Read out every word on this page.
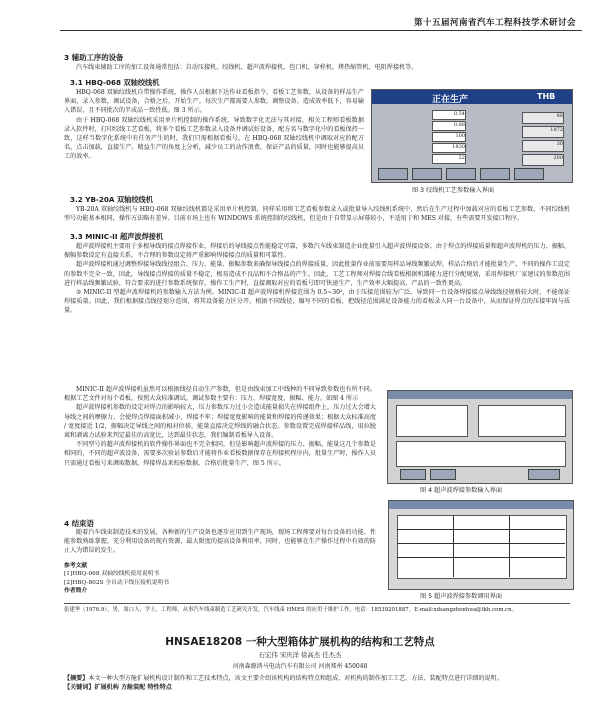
第十五届河南省汽车工程科技学术研讨会
3 辅助工序的设备

汽车线束辅助工序的加工设备通常包括：自动压接机、绞线机、超声波焊接机、包口机、穿栓机、烤热缩管机、电阻焊接机等。

3.1 HBQ-068 双轴绞线机

HBQ-068 双轴绞线机自带操作系统，操作人员根据下达作业看板指令，看板工艺参数，从设备的样品生产界面，录入参数，调试设备，合格之后，开始生产。每次生产都需要人参数，调整设备。造成效率低下，容易输入错误，且不同批次的半成品一致性低。图 3 所示。

由于 HBQ-068 双轴绞线机采用单片机控制的操作系统，导致数字化无法与其对接，相关工程师看板数据录入软件时，打印绞线工艺看板，将多个看板工艺参数录入设备并调试好设备，配方名与数字化中的看板保持一致，这样当数字化系统中有任务产生的时，我们只需根据看板号，在 HBQ-068 双轴绞线机中调取对应的配方名，点击加载，直接生产。精益生产的角度上分析，减少员工的动作浪费，保证产品的质量，同时也能够提高员工的效率。

正在生产	THB
0.54
0.88
100
1830
22
88
1872
30
200
图 3 绞线机工艺参数输入界面
3.2 YB-20A 双轴绞线机

YB-20A 双轴绞线机与 HBQ-068 双轴绞线机都是采用单片机控制，同样采用将工艺看板参数录入或批量导入绞线机系统中，然后在生产过程中加载对应的看板工艺参数。不同绞线机型号功能基本相同，操作方法略有差异。目前市场上也有 WINDOWS 系统控制的绞线机，但是由于自带显示屏幕较小，不适用于和 MES 对接，有些需要开发接口程序。

3.3 MINIC-II 超声波焊接机

超声波焊接机主要用于多根导线的接点焊接作业，焊接后的导线接点性能稳定可靠，多数汽车线束制造企业批量引入超声波焊接设备。由于焊点的焊接质量和超声波焊机的压力、振幅、振幅参数设定有直接关系，不合理的参数设定将严重影响焊接接点的质量和可靠性。

超声波焊接机通过调整焊接导线线径组合、压力、能量、振幅参数来确保导线接点的焊接质量，因此批量作业前需要用样品导线频繁试焊，样品合格后才能批量生产。不同的操作工设定的参数不完全一致，因此，导线接点焊接的质量不稳定，极易造成不良品和不合格品的产生。因此，工艺工程师对焊接合线看板根据机器能力进行分配规划，采用焊接机厂家建议的参数范围进行样品线频繁试验，符合要求的进行参数系统保存。操作工生产时，直接调取对应的看板号即可快速生产，生产效率大幅提高，产品的一致性更高。

② MINIC-II 型超声波焊接机的参数输入方法为例。MINIC-II 超声波焊接机焊接范围为 0.5~30²，由于压接范围较为广泛，导致同一台设备焊接接点导线线径规格较大时，不能保证焊接质量。因此，我们根据接点线径划分范围，将其设备能力区分开，根据不同线径，编写不同的看板，把线径范围满足设备能力的看板录入同一台设备中，从而保证焊点的压接牢固与质量。

MINIC-II 超声波焊接机虽然可以根据线径自动生产参数，但是由线束加工中线种的不同导致参数也有所不同。根据工艺文件对每个看板，按照大众标准调试，调试参数主要有：压力、焊接宽度、振幅、能力。如图 4 所示

超声波焊接机参数的设定对焊点的影响较大，压力参数压力过小会造成能量损失在焊接组件上，压力过大会增大导线之间的摩擦力，会使焊点焊接面积减小，焊接不牢；焊接宽度影响的能量和焊接的传递效果；根据大众标准高度 / 宽度接近 1/2，振幅决定导线之间的相对位移，能量直接决定焊线的融合状态。参数设置完成焊接样品线，用拉脱离和剥离力试验来判定最佳的高宽比，达到最佳状态，我们编制看板导入设备。

不同型号的超声波焊接机的软件操作界面也不完全相同，但是影响超声波焊接的压力、振幅、能量这几个参数是相同的，不同的超声波设备，需要多次验证参数后才能将作业看板数据保存在焊接机程序内，批量生产时，操作人员只需通过看板号来调取数据，焊接焊品来校验数据，合格后批量生产，图 5 所示。

图 4 超声波焊接参数输入界面
图 5 超声波焊接参数调用界面
4 结束语

随着汽车线束制造技术的发展，各种新的生产设备也逐步应用到生产现场，现场工程师要对每台设备的功能、性能参数熟练掌握，充分利用设备的现有资源，最大限度的提高设备利用率，同时，也能够在生产操作过程中有效的防止人为错误的发生。

参考文献
[1]HBQ-068 双轴绞线机使用说明书
[2]HBQ-802S 全自动下线压接机说明书
作者简介
张建华（1976.9），男，周口人，学士，工程师，从事汽车线束制造工艺研究开发，汽车线束 HMES 的应用于维护工作。电话：18539201887。E-mail:xdsangzhenhua@tkh.com.cn。
HNSAE18208 一种大型箱体扩展机构的结构和工艺特点
石宏伟 宋庆洋 徐高杰 任杰杰
河南森源鸿马电动汽车有限公司 河南郑州 450048
【摘要】本文一种大型方舱扩展机构设计制作和工艺技术特点，该文主要介绍该机构的结构特点和组成、对机构的制作加工工艺、方法、装配特点进行详细的说明。
【关键词】扩展机构 方舱装配 特性特点
